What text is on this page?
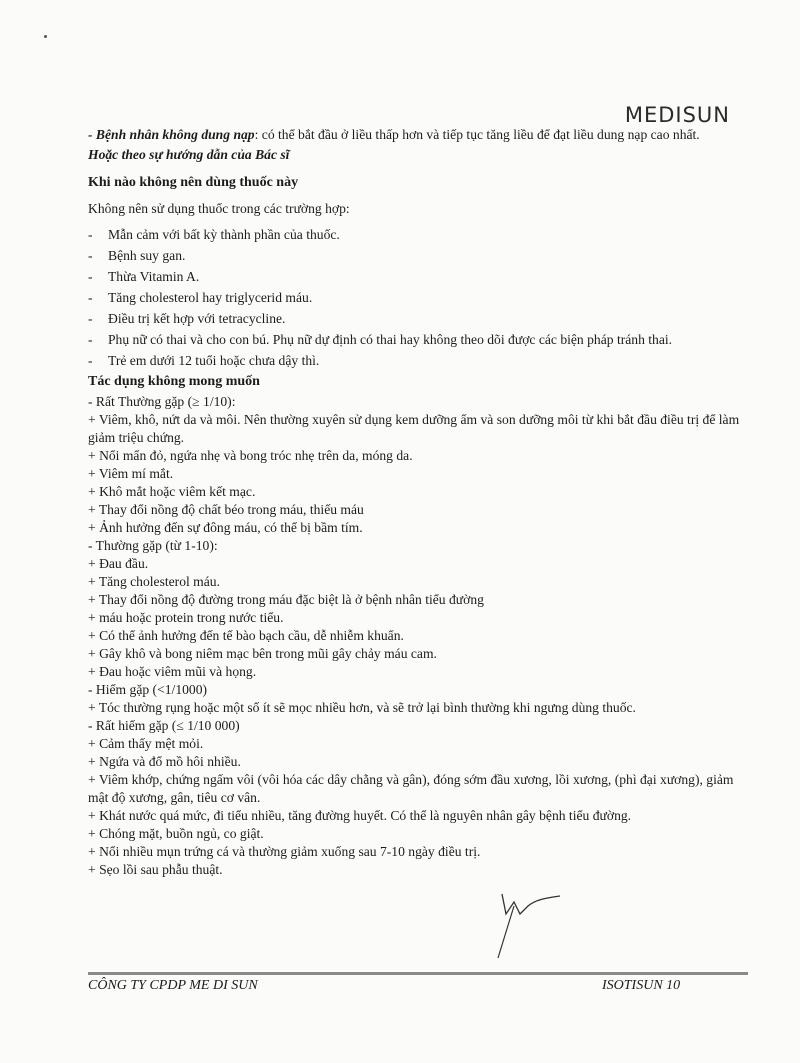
MEDISUN

- Bệnh nhân không dung nạp: có thể bắt đầu ở liều thấp hơn và tiếp tục tăng liều để đạt liều dung nạp cao nhất.

Hoặc theo sự hướng dẫn của Bác sĩ

Khi nào không nên dùng thuốc này

Không nên sử dụng thuốc trong các trường hợp:

-	Mẫn cảm với bất kỳ thành phần của thuốc.
-	Bệnh suy gan.
-	Thừa Vitamin A.
-	Tăng cholesterol hay triglycerid máu.
-	Điều trị kết hợp với tetracycline.
-	Phụ nữ có thai và cho con bú. Phụ nữ dự định có thai hay không theo dõi được các biện pháp tránh thai.
-	Trẻ em dưới 12 tuổi hoặc chưa dậy thì.

Tác dụng không mong muốn

- Rất Thường gặp (≥ 1/10):

+ Viêm, khô, nứt da và môi. Nên thường xuyên sử dụng kem dưỡng ẩm và son dưỡng môi từ khi bắt đầu điều trị để làm giảm triệu chứng.

+ Nổi mẩn đỏ, ngứa nhẹ và bong tróc nhẹ trên da, móng da.

+ Viêm mí mắt.

+ Khô mắt hoặc viêm kết mạc.

+ Thay đổi nồng độ chất béo trong máu, thiếu máu

+ Ảnh hưởng đến sự đông máu, có thể bị bầm tím.

- Thường gặp (từ 1-10):

+ Đau đầu.

+ Tăng cholesterol máu.

+ Thay đổi nồng độ đường trong máu đặc biệt là ở bệnh nhân tiểu đường

+ máu hoặc protein trong nước tiểu.

+ Có thể ảnh hưởng đến tế bào bạch cầu, dễ nhiễm khuẩn.

+ Gây khô và bong niêm mạc bên trong mũi gây chảy máu cam.

+ Đau hoặc viêm mũi và họng.

- Hiếm gặp (<1/1000)

+ Tóc thường rụng hoặc một số ít sẽ mọc nhiều hơn, và sẽ trở lại bình thường khi ngưng dùng thuốc.

- Rất hiếm gặp (≤ 1/10 000)

+ Cảm thấy mệt mỏi.

+ Ngứa và đổ mồ hôi nhiều.

+ Viêm khớp, chứng ngấm vôi (vôi hóa các dây chằng và gân), đóng sớm đầu xương, lồi xương, (phì đại xương), giảm mật độ xương, gân, tiêu cơ vân.

+ Khát nước quá mức, đi tiểu nhiều, tăng đường huyết. Có thể là nguyên nhân gây bệnh tiểu đường.

+ Chóng mặt, buồn ngủ, co giật.

+ Nổi nhiều mụn trứng cá và thường giảm xuống sau 7-10 ngày điều trị.

+ Sẹo lồi sau phẫu thuật.

CÔNG TY CPDP ME DI SUN	ISOTISUN 10
